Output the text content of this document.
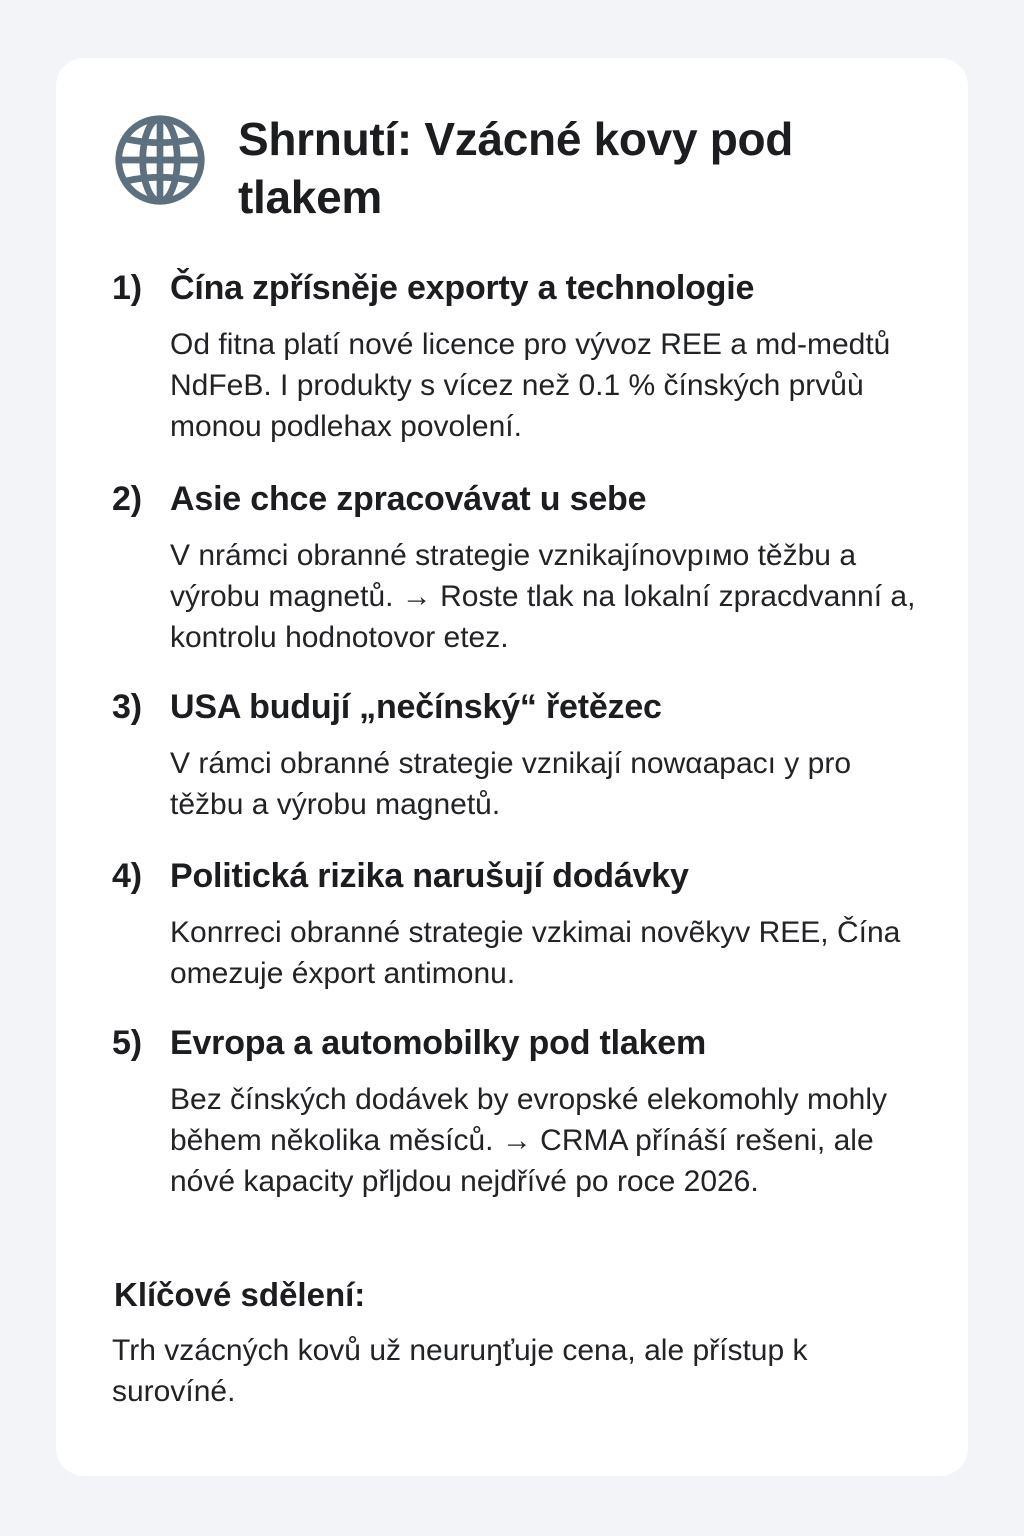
Shrnutí: Vzácné kovy pod tlakem
1) Čína zpřísněje exporty a technologie
Od fitna platí nové licence pro vývoz REE a md-medtů NdFeB. I produkty s vícez než 0.1 % čínských prvůù monou podlehax povolení.
2) Asie chce zpracovávat u sebe
V nrámci obranné strategie vznikajínovpıмo těžbu a výrobu magnetů. → Roste tlak na lokalní zpracdvanní a, kontrolu hodnotovor etez.
3) USA budují „nečínský“ řetězec
V rámci obranné strategie vznikají nowαapacı y pro těžbu a výrobu magnetů.
4) Politická rizika narušují dodávky
Konrreci obranné strategie vzkimai novẽkyv REE, Čína omezuje éxport antimonu.
5) Evropa a automobilky pod tlakem
Bez čínských dodávek by evropské elekomohly mohly během několika měsíců. → CRMA přínáší rešeni, ale nóvé kapacity přljdou nejdřívé po roce 2026.
Klíčové sdělení:
Trh vzácných kovů už neuruŋťuje cena, ale přístup k surovíné.
